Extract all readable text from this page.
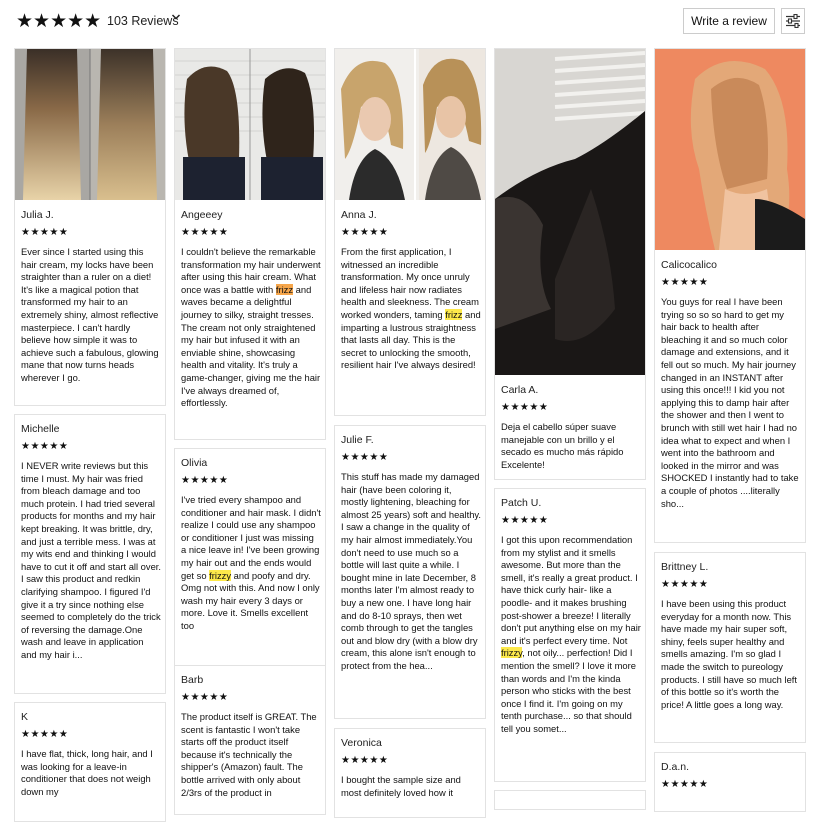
★★★★★ 103 Reviews	Write a review
Julia J.
★★★★★
Ever since I started using this hair cream, my locks have been straighter than a ruler on a diet! It's like a magical potion that transformed my hair to an extremely shiny, almost reflective masterpiece. I can't hardly believe how simple it was to achieve such a fabulous, glowing mane that now turns heads wherever I go.
Michelle
★★★★★
I NEVER write reviews but this time I must. My hair was fried from bleach damage and too much protein. I had tried several products for months and my hair kept breaking. It was brittle, dry, and just a terrible mess. I was at my wits end and thinking I would have to cut it off and start all over. I saw this product and redkin clarifying shampoo. I figured I'd give it a try since nothing else seemed to completely do the trick of reversing the damage.One wash and leave in application and my hair i...
K
★★★★★
I have flat, thick, long hair, and I was looking for a leave-in conditioner that does not weigh down my
Angeeey
★★★★★
I couldn't believe the remarkable transformation my hair underwent after using this hair cream. What once was a battle with frizz and waves became a delightful journey to silky, straight tresses. The cream not only straightened my hair but infused it with an enviable shine, showcasing health and vitality. It's truly a game-changer, giving me the hair I've always dreamed of, effortlessly.
Olivia
★★★★★
I've tried every shampoo and conditioner and hair mask. I didn't realize I could use any shampoo or conditioner I just was missing a nice leave in! I've been growing my hair out and the ends would get so frizzy and poofy and dry. Omg not with this. And now I only wash my hair every 3 days or more. Love it. Smells excellent too
Barb
★★★★★
The product itself is GREAT. The scent is fantastic I won't take starts off the product itself because it's technically the shipper's (Amazon) fault. The bottle arrived with only about 2/3rs of the product in
Anna J.
★★★★★
From the first application, I witnessed an incredible transformation. My once unruly and lifeless hair now radiates health and sleekness. The cream worked wonders, taming frizz and imparting a lustrous straightness that lasts all day. This is the secret to unlocking the smooth, resilient hair I've always desired!
Julie F.
★★★★★
This stuff has made my damaged hair (have been coloring it, mostly lightening, bleaching for almost 25 years) soft and healthy. I saw a change in the quality of my hair almost immediately.You don't need to use much so a bottle will last quite a while. I bought mine in late December, 8 months later I'm almost ready to buy a new one. I have long hair and do 8-10 sprays, then wet comb through to get the tangles out and blow dry (with a blow dry cream, this alone isn't enough to protect from the hea...
Veronica
★★★★★
I bought the sample size and most definitely loved how it
Carla A.
★★★★★
Deja el cabello súper suave manejable con un brillo y el secado es mucho más rápido Excelente!
Patch U.
★★★★★
I got this upon recommendation from my stylist and it smells awesome. But more than the smell, it's really a great product. I have thick curly hair- like a poodle- and it makes brushing post-shower a breeze! I literally don't put anything else on my hair and it's perfect every time. Not frizzy, not oily... perfection! Did I mention the smell? I love it more than words and I'm the kinda person who sticks with the best once I find it. I'm going on my tenth purchase... so that should tell you somet...
Calicocalico
★★★★★
You guys for real I have been trying so so so hard to get my hair back to health after bleaching it and so much color damage and extensions, and it fell out so much. My hair journey changed in an INSTANT after using this once!!! I kid you not applying this to damp hair after the shower and then I went to brunch with still wet hair I had no idea what to expect and when I went into the bathroom and looked in the mirror and was SHOCKED I instantly had to take a couple of photos ....literally sho...
Brittney L.
★★★★★
I have been using this product everyday for a month now. This have made my hair super soft, shiny, feels super healthy and smells amazing. I'm so glad I made the switch to pureology products. I still have so much left of this bottle so it's worth the price! A little goes a long way.
D.a.n.
★★★★★
